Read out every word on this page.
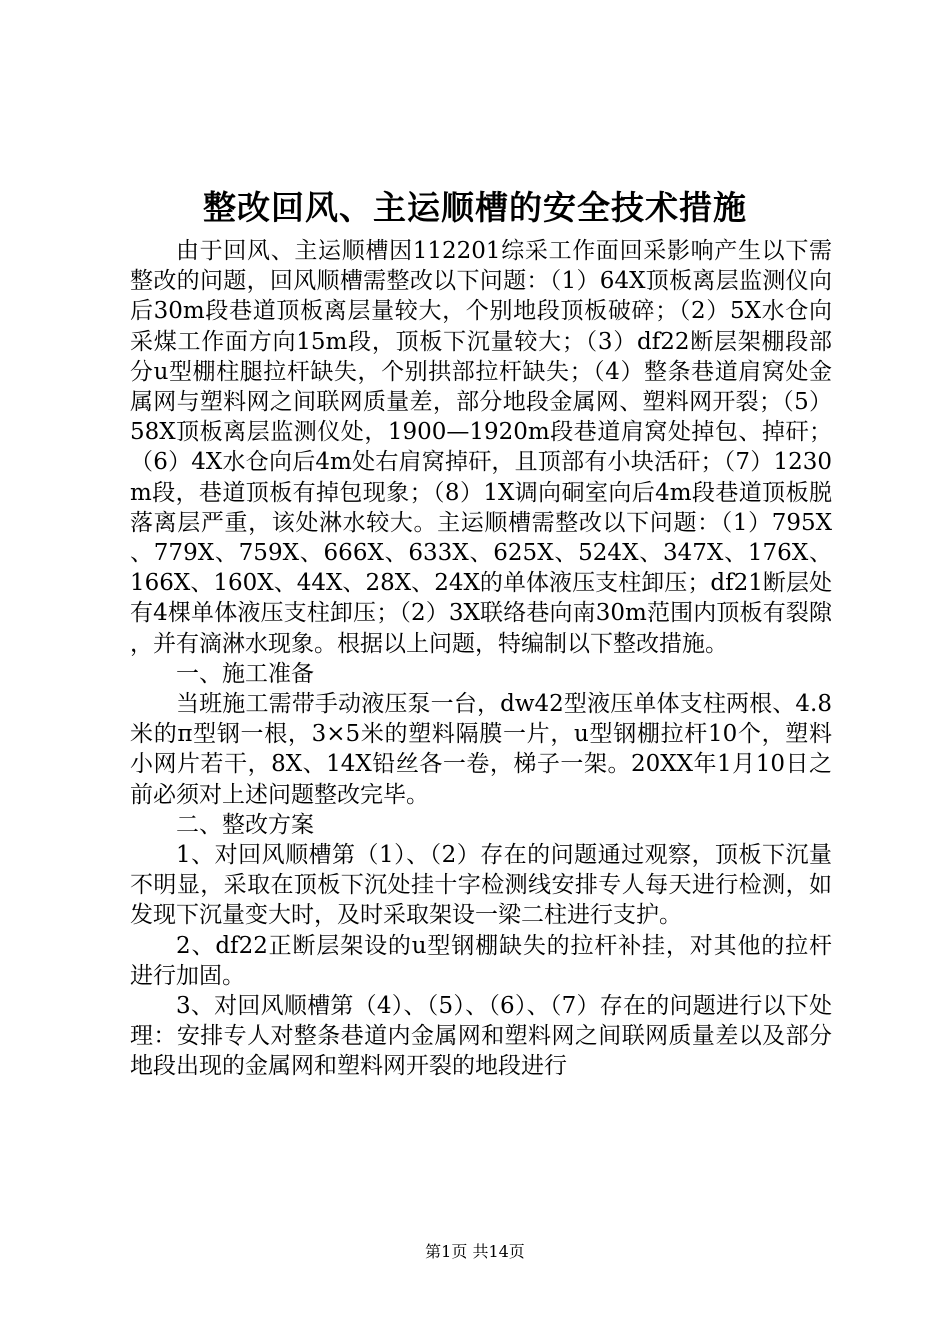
整改回风、主运顺槽的安全技术措施

由于回风、主运顺槽因112201综采工作面回采影响产生以下需整改的问题，回风顺槽需整改以下问题：（1）64X顶板离层监测仪向后30m段巷道顶板离层量较大，个别地段顶板破碎；（2）5X水仓向采煤工作面方向15m段，顶板下沉量较大；（3）df22断层架棚段部分u型棚柱腿拉杆缺失，个别拱部拉杆缺失；（4）整条巷道肩窝处金属网与塑料网之间联网质量差，部分地段金属网、塑料网开裂；（5）58X顶板离层监测仪处，1900—1920m段巷道肩窝处掉包、掉矸；（6）4X水仓向后4m处右肩窝掉矸，且顶部有小块活矸；（7）1230m段，巷道顶板有掉包现象；（8）1X调向硐室向后4m段巷道顶板脱落离层严重，该处淋水较大。主运顺槽需整改以下问题：（1）795X、779X、759X、666X、633X、625X、524X、347X、176X、166X、160X、44X、28X、24X的单体液压支柱卸压；df21断层处有4棵单体液压支柱卸压；（2）3X联络巷向南30m范围内顶板有裂隙，并有滴淋水现象。根据以上问题，特编制以下整改措施。

一、施工准备

当班施工需带手动液压泵一台，dw42型液压单体支柱两根、4.8米的π型钢一根，3×5米的塑料隔膜一片，u型钢棚拉杆10个，塑料小网片若干，8X、14X铅丝各一卷，梯子一架。20XX年1月10日之前必须对上述问题整改完毕。

二、整改方案

1、对回风顺槽第（1）、（2）存在的问题通过观察，顶板下沉量不明显，采取在顶板下沉处挂十字检测线安排专人每天进行检测，如发现下沉量变大时，及时采取架设一梁二柱进行支护。

2、df22正断层架设的u型钢棚缺失的拉杆补挂，对其他的拉杆进行加固。

3、对回风顺槽第（4）、（5）、（6）、（7）存在的问题进行以下处理：安排专人对整条巷道内金属网和塑料网之间联网质量差以及部分地段出现的金属网和塑料网开裂的地段进行

第1页 共14页
